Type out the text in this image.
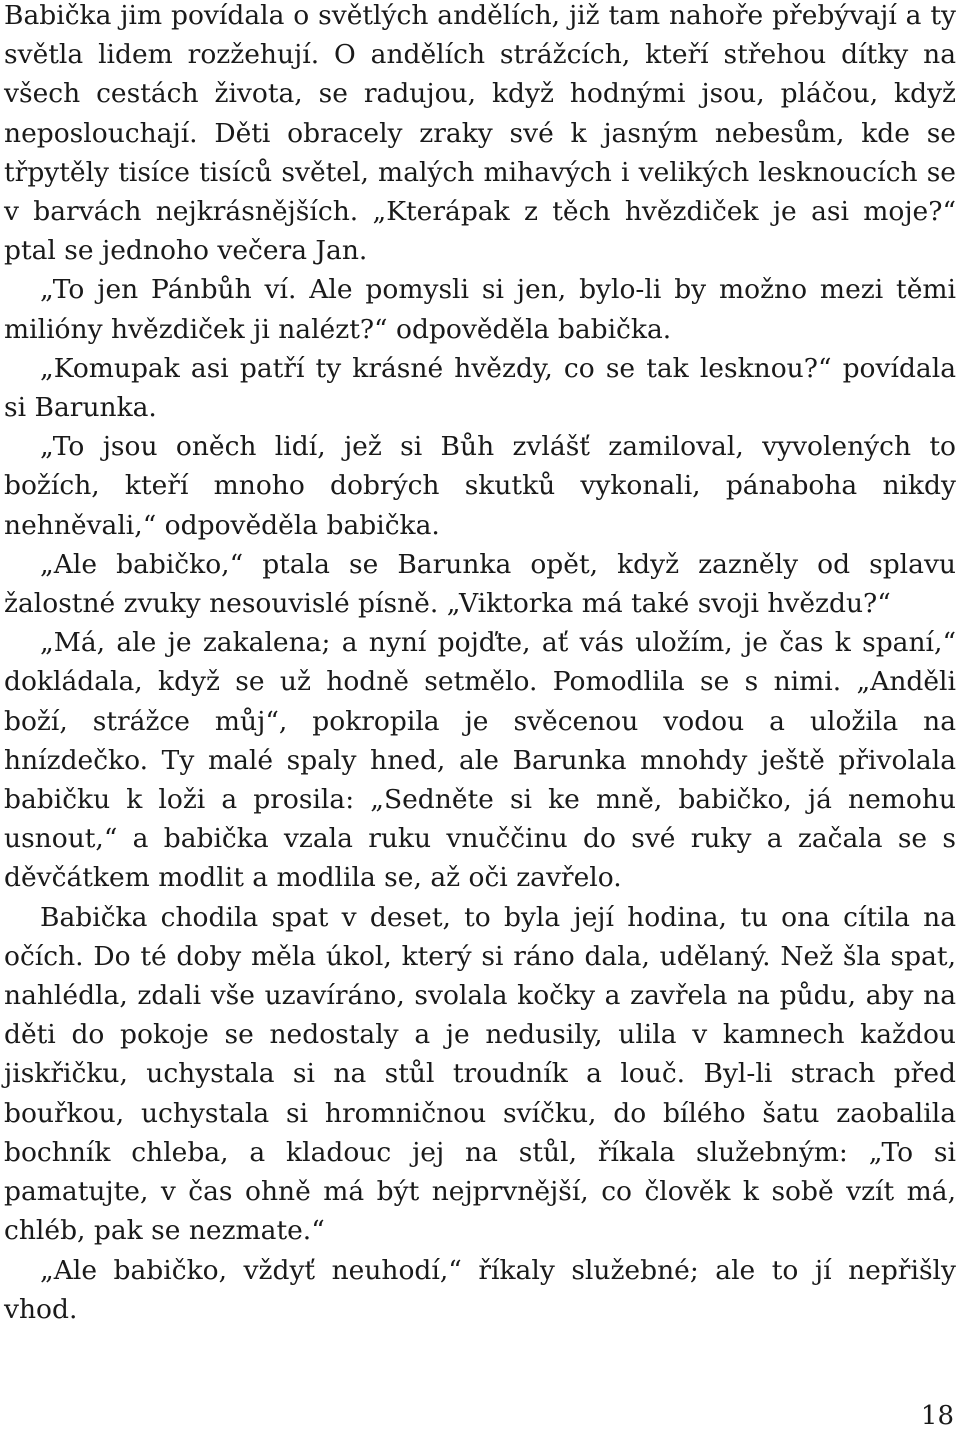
Babička jim povídala o světlých andělích, již tam nahoře přebývají a ty světla lidem rozžehují. O andělích strážcích, kteří střehou dítky na všech cestách života, se radujou, když hodnými jsou, pláčou, když neposlouchají. Děti obracely zraky své k jasným nebesům, kde se třpytěly tisíce tisíců světel, malých mihavých i velikých lesknoucích se v barvách nejkrásnějších. „Kterápak z těch hvězdiček je asi moje?“ ptal se jednoho večera Jan.

„To jen Pánbůh ví. Ale pomysli si jen, bylo-li by možno mezi těmi milióny hvězdiček ji nalézt?“ odpověděla babička.

„Komupak asi patří ty krásné hvězdy, co se tak lesknou?“ povídala si Barunka.

„To jsou oněch lidí, jež si Bůh zvlášť zamiloval, vyvolených to božích, kteří mnoho dobrých skutků vykonali, pánaboha nikdy nehněvali,“ odpověděla babička.

„Ale babičko,“ ptala se Barunka opět, když zazněly od splavu žalostné zvuky nesouvislé písně. „Viktorka má také svoji hvězdu?“

„Má, ale je zakalena; a nyní pojďte, ať vás uložím, je čas k spaní,“ dokládala, když se už hodně setmělo. Pomodlila se s nimi. „Anděli boží, strážce můj“, pokropila je svěcenou vodou a uložila na hnízdečko. Ty malé spaly hned, ale Barunka mnohdy ještě přivolala babičku k loži a prosila: „Sedněte si ke mně, babičko, já nemohu usnout,“ a babička vzala ruku vnuččinu do své ruky a začala se s děvčátkem modlit a modlila se, až oči zavřelo.

Babička chodila spat v deset, to byla její hodina, tu ona cítila na očích. Do té doby měla úkol, který si ráno dala, udělaný. Než šla spat, nahlédla, zdali vše uzavíráno, svolala kočky a zavřela na půdu, aby na děti do pokoje se nedostaly a je nedusily, ulila v kamnech každou jiskřičku, uchystala si na stůl troudník a louč. Byl-li strach před bouřkou, uchystala si hromničnou svíčku, do bílého šatu zaobalila bochník chleba, a kladouc jej na stůl, říkala služebným: „To si pamatujte, v čas ohně má být nejprvnější, co člověk k sobě vzít má, chléb, pak se nezmate.“

„Ale babičko, vždyť neuhodí,“ říkaly služebné; ale to jí nepřišly vhod.

18
